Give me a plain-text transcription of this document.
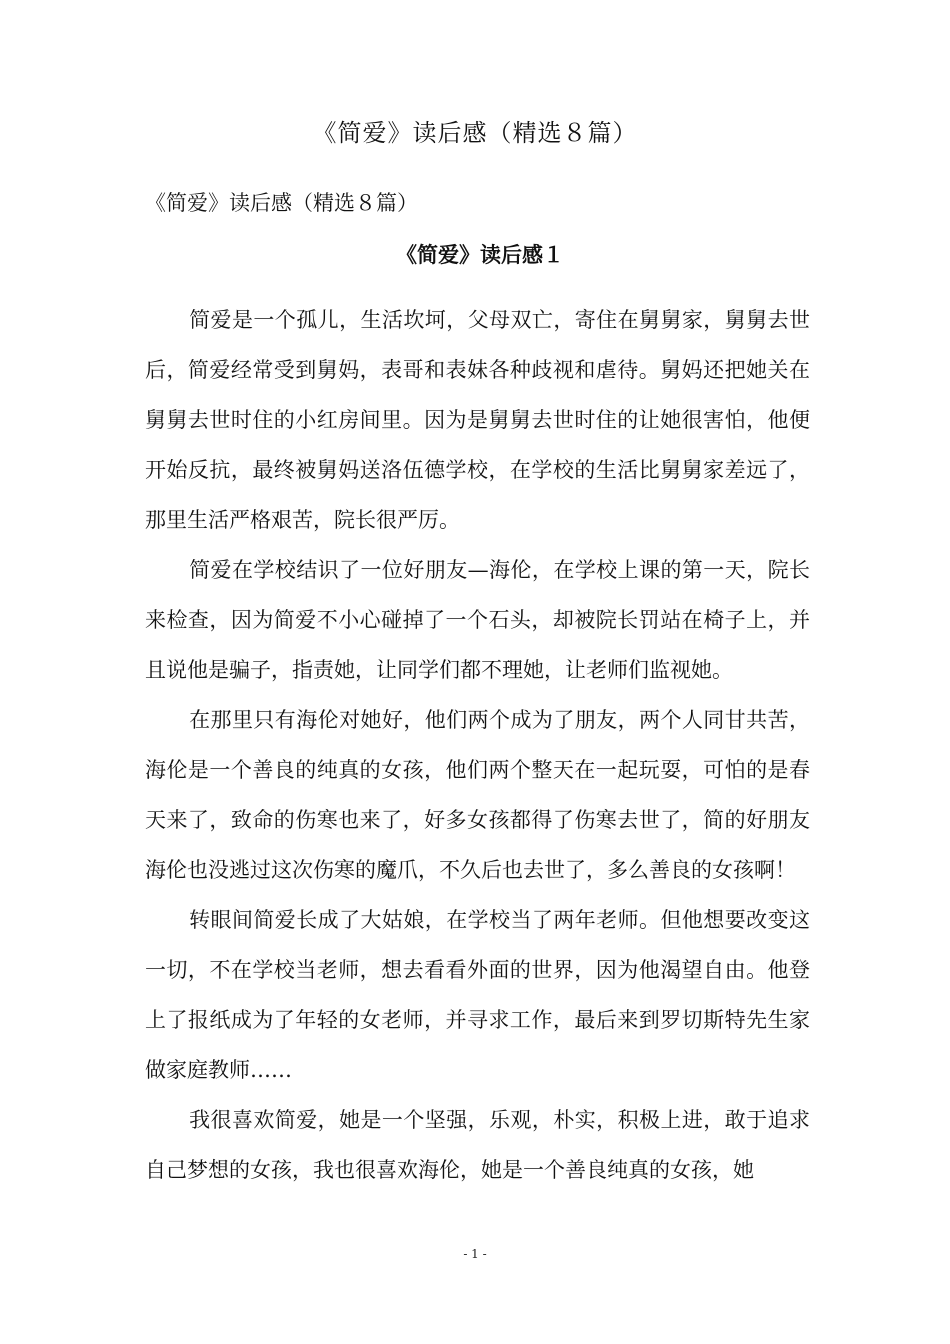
《简爱》读后感（精选８篇）

《简爱》读后感（精选８篇）

《简爱》读后感１

简爱是一个孤儿，生活坎坷，父母双亡，寄住在舅舅家，舅舅去世后，简爱经常受到舅妈，表哥和表妹各种歧视和虐待。舅妈还把她关在舅舅去世时住的小红房间里。因为是舅舅去世时住的让她很害怕，他便开始反抗，最终被舅妈送洛伍德学校，在学校的生活比舅舅家差远了，那里生活严格艰苦，院长很严厉。

简爱在学校结识了一位好朋友—海伦，在学校上课的第一天，院长来检查，因为简爱不小心碰掉了一个石头，却被院长罚站在椅子上，并且说他是骗子，指责她，让同学们都不理她，让老师们监视她。

在那里只有海伦对她好，他们两个成为了朋友，两个人同甘共苦，海伦是一个善良的纯真的女孩，他们两个整天在一起玩耍，可怕的是春天来了，致命的伤寒也来了，好多女孩都得了伤寒去世了，简的好朋友海伦也没逃过这次伤寒的魔爪，不久后也去世了，多么善良的女孩啊！

转眼间简爱长成了大姑娘，在学校当了两年老师。但他想要改变这一切，不在学校当老师，想去看看外面的世界，因为他渴望自由。他登上了报纸成为了年轻的女老师，并寻求工作，最后来到罗切斯特先生家做家庭教师……

我很喜欢简爱，她是一个坚强，乐观，朴实，积极上进，敢于追求自己梦想的女孩，我也很喜欢海伦，她是一个善良纯真的女孩，她

- 1 -
